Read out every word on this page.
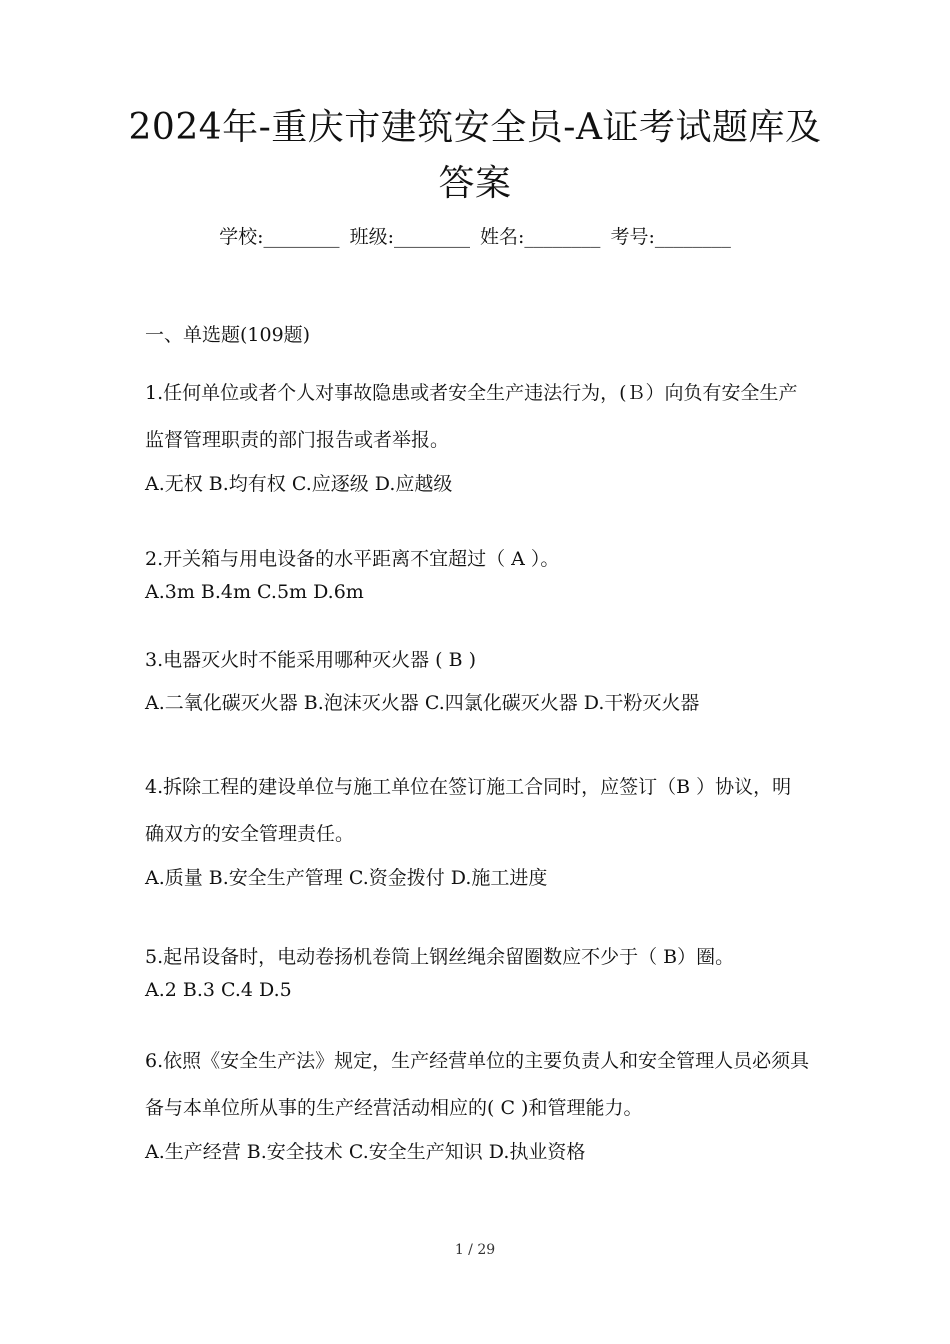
2024年-重庆市建筑安全员-A证考试题库及答案
学校:________ 班级:________ 姓名:________ 考号:________
一、单选题(109题)

1.任何单位或者个人对事故隐患或者安全生产违法行为，(Ｂ）向负有安全生产监督管理职责的部门报告或者举报。

A.无权 B.均有权 C.应逐级 D.应越级

2.开关箱与用电设备的水平距离不宜超过（ A ）。

A.3m B.4m C.5m D.6m

3.电器灭火时不能采用哪种灭火器 ( B )

A.二氧化碳灭火器 B.泡沫灭火器 C.四氯化碳灭火器 D.干粉灭火器

4.拆除工程的建设单位与施工单位在签订施工合同时，应签订（B ）协议，明确双方的安全管理责任。

A.质量 B.安全生产管理 C.资金拨付 D.施工进度

5.起吊设备时，电动卷扬机卷筒上钢丝绳余留圈数应不少于（ B）圈。

A.2 B.3 C.4 D.5

6.依照《安全生产法》规定，生产经营单位的主要负责人和安全管理人员必须具备与本单位所从事的生产经营活动相应的( C )和管理能力。

A.生产经营 B.安全技术 C.安全生产知识 D.执业资格

1 / 29
